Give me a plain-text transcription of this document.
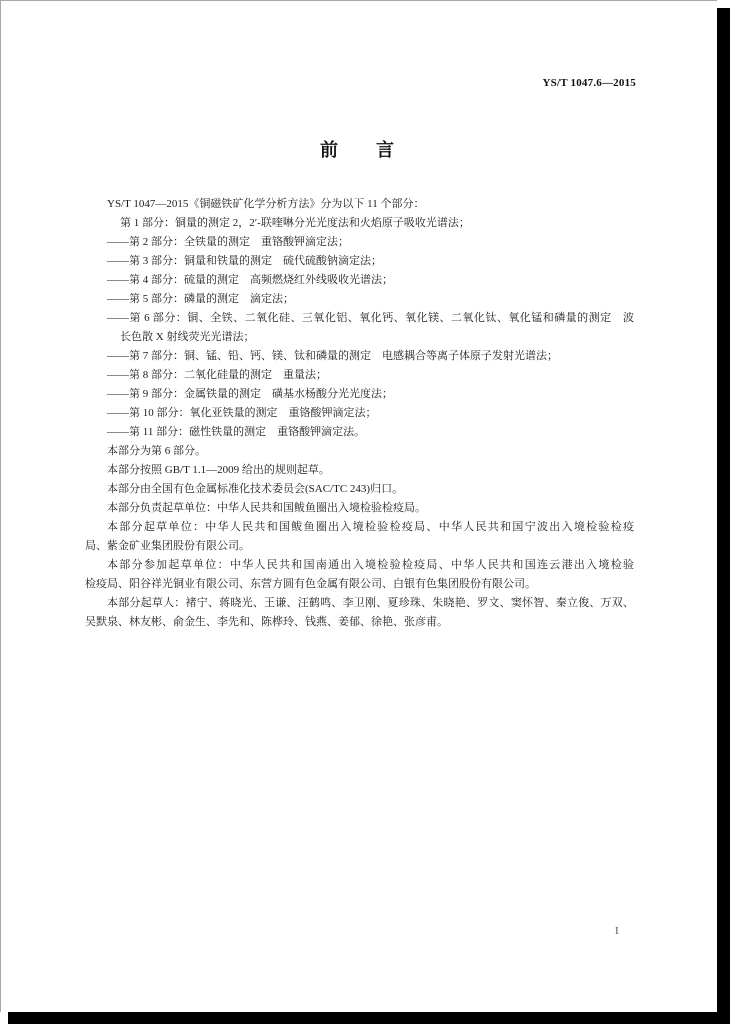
YS/T 1047.6—2015
前　言
YS/T 1047—2015《铜磁铁矿化学分析方法》分为以下 11 个部分：
第 1 部分：铜量的测定 2，2′-联喹啉分光光度法和火焰原子吸收光谱法；
——第 2 部分：全铁量的测定　重铬酸钾滴定法；
——第 3 部分：铜量和铁量的测定　硫代硫酸钠滴定法；
——第 4 部分：硫量的测定　高频燃烧红外线吸收光谱法；
——第 5 部分：磷量的测定　滴定法；
——第 6 部分：铜、全铁、二氧化硅、三氧化铝、氧化钙、氧化镁、二氧化钛、氧化锰和磷量的测定　波
长色散 X 射线荧光光谱法；
——第 7 部分：铜、锰、铅、钙、镁、钛和磷量的测定　电感耦合等离子体原子发射光谱法；
——第 8 部分：二氧化硅量的测定　重量法；
——第 9 部分：金属铁量的测定　磺基水杨酸分光光度法；
——第 10 部分：氧化亚铁量的测定　重铬酸钾滴定法；
——第 11 部分：磁性铁量的测定　重铬酸钾滴定法。
本部分为第 6 部分。
本部分按照 GB/T 1.1—2009 给出的规则起草。
本部分由全国有色金属标准化技术委员会(SAC/TC 243)归口。
本部分负责起草单位：中华人民共和国鲅鱼圈出入境检验检疫局。
本部分起草单位：中华人民共和国鲅鱼圈出入境检验检疫局、中华人民共和国宁波出入境检验检疫
局、紫金矿业集团股份有限公司。
本部分参加起草单位：中华人民共和国南通出入境检验检疫局、中华人民共和国连云港出入境检验
检疫局、阳谷祥光铜业有限公司、东营方圆有色金属有限公司、白银有色集团股份有限公司。
本部分起草人：褚宁、蒋晓光、王谦、汪鹤鸣、李卫刚、夏珍珠、朱晓艳、罗文、窦怀智、秦立俊、万双、
吴默泉、林友彬、俞金生、李先和、陈桦玲、钱燕、姜郁、徐艳、张彦甫。
I
